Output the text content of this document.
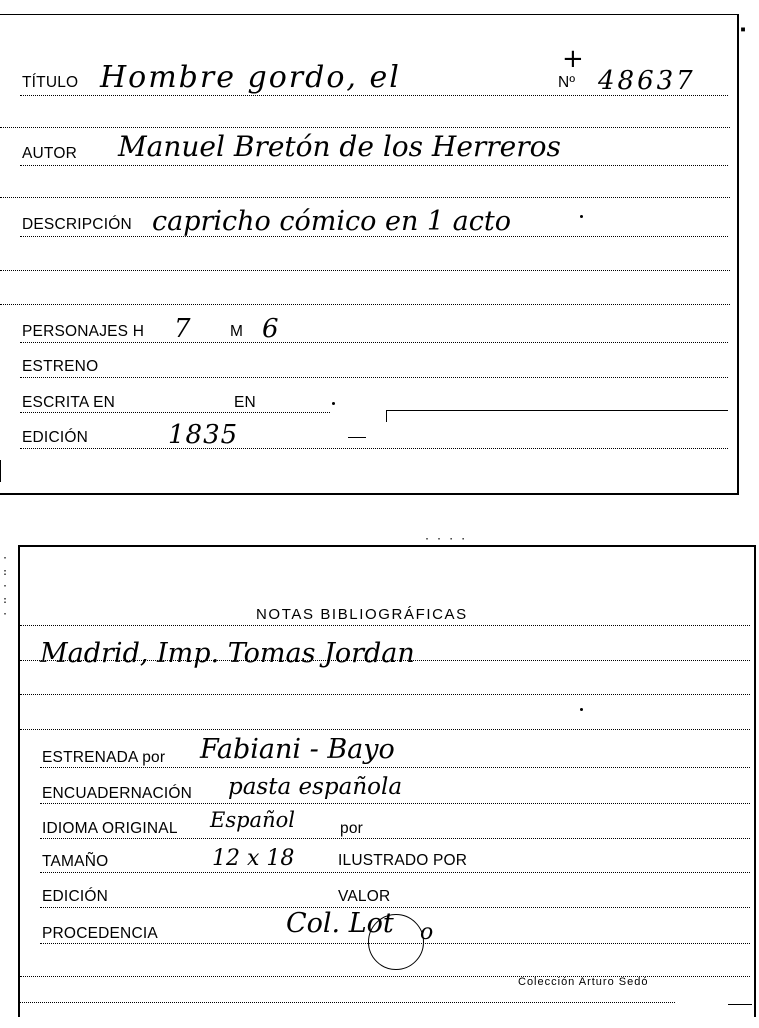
▪
TÍTULO Hombre gordo, el
+
Nº 48637
AUTOR Manuel Bretón de los Herreros
DESCRIPCIÓN capricho cómico en 1 acto
PERSONAJES H 7	M 6
ESTRENO
ESCRITA EN	EN
EDICIÓN	1835
· · · ·
·
:
·
:
·	NOTAS BIBLIOGRÁFICAS
Madrid, Imp. Tomas Jordan
ESTRENADA por Fabiani - Bayo
ENCUADERNACIÓN pasta española
IDIOMA ORIGINAL Español	por
TAMAÑO	12 x 18	ILUSTRADO POR
EDICIÓN	VALOR
PROCEDENCIA	Col. Lot o
Colección Arturo Sedó
